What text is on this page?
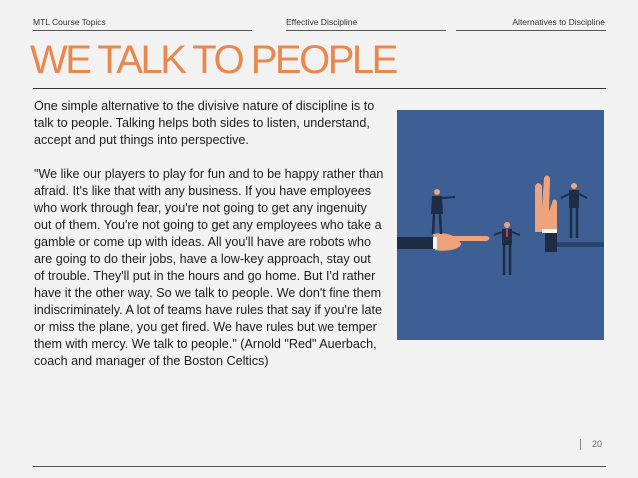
MTL Course Topics	Effective Discipline	Alternatives to Discipline
WE TALK TO PEOPLE

One simple alternative to the divisive nature of discipline is to talk to people. Talking helps both sides to listen, understand, accept and put things into perspective.

"We like our players to play for fun and to be happy rather than afraid. It's like that with any business. If you have employees who work through fear, you're not going to get any ingenuity out of them. You're not going to get any employees who take a gamble or come up with ideas. All you'll have are robots who are going to do their jobs, have a low-key approach, stay out of trouble. They'll put in the hours and go home. But I'd rather have it the other way. So we talk to people. We don't fine them indiscriminately. A lot of teams have rules that say if you're late or miss the plane, you get fired. We have rules but we temper them with mercy. We talk to people." (Arnold "Red" Auerbach, coach and manager of the Boston Celtics)

20
